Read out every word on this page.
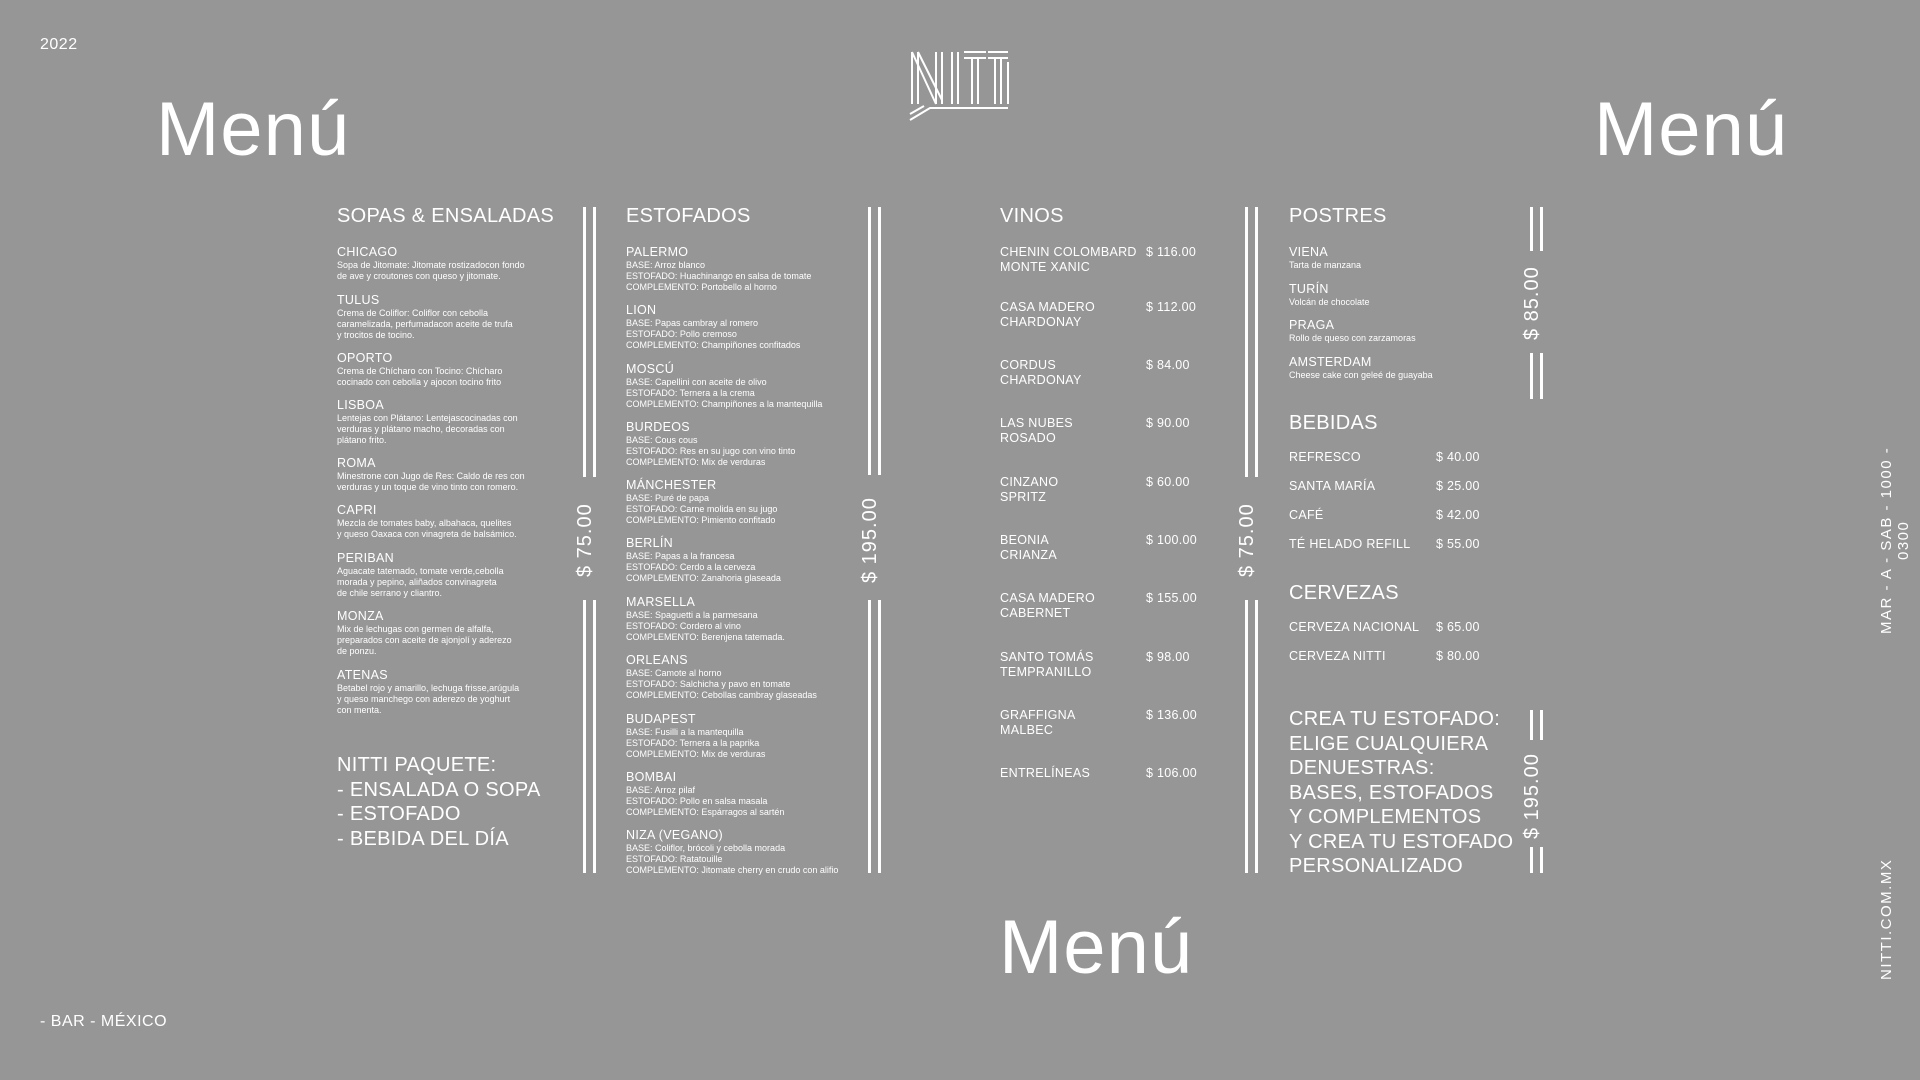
2022
Menú	Menú
Menú
- BAR - MÉXICO
MAR - A - SAB - 1000 - 0300
NITTI.COM.MX
SOPAS & ENSALADAS
CHICAGO
Sopa de Jitomate: Jitomate rostizadocon fondo
de ave y croutones con queso y jitomate.
TULUS
Crema de Coliflor: Coliflor con cebolla
caramelizada, perfumadacon aceite de trufa
y trocitos de tocino.
OPORTO
Crema de Chícharo con Tocino: Chícharo
cocinado con cebolla y ajocon tocino frito
LISBOA
Lentejas con Plátano: Lentejascocinadas con
verduras y plátano macho, decoradas con
plátano frito.
ROMA
Minestrone con Jugo de Res: Caldo de res con
verduras y un toque de vino tinto con romero.
CAPRI
Mezcla de tomates baby, albahaca, quelites
y queso Oaxaca con vinagreta de balsámico.
PERIBAN
Aguacate tatemado, tomate verde,cebolla
morada y pepino, aliñados convinagreta
de chile serrano y cliantro.
MONZA
Mix de lechugas con germen de alfalfa,
preparados con aceite de ajonjolí y aderezo
de ponzu.
ATENAS
Betabel rojo y amarillo, lechuga frisse,arúgula
y queso manchego con aderezo de yoghurt
con menta.
NITTI PAQUETE:
- ENSALADA O SOPA
- ESTOFADO
- BEBIDA DEL DÍA
$ 75.00
ESTOFADOS
PALERMO
BASE: Arroz blanco
ESTOFADO: Huachinango en salsa de tomate
COMPLEMENTO: Portobello al horno
LION
BASE: Papas cambray al romero
ESTOFADO: Pollo cremoso
COMPLEMENTO: Champiñones confitados
MOSCÚ
BASE: Capellini con aceite de olivo
ESTOFADO: Ternera a la crema
COMPLEMENTO: Champiñones a la mantequilla
BURDEOS
BASE: Cous cous
ESTOFADO: Res en su jugo con vino tinto
COMPLEMENTO: Mix de verduras
MÁNCHESTER
BASE: Puré de papa
ESTOFADO: Carne molida en su jugo
COMPLEMENTO: Pimiento confitado
BERLÍN
BASE: Papas a la francesa
ESTOFADO: Cerdo a la cerveza
COMPLEMENTO: Zanahoria glaseada
MARSELLA
BASE: Spaguetti a la parmesana
ESTOFADO: Cordero al vino
COMPLEMENTO: Berenjena tatemada.
ORLEANS
BASE: Camote al horno
ESTOFADO: Salchicha y pavo en tomate
COMPLEMENTO: Cebollas cambray glaseadas
BUDAPEST
BASE: Fusilli a la mantequilla
ESTOFADO: Ternera a la paprika
COMPLEMENTO: Mix de verduras
BOMBAI
BASE: Arroz pilaf
ESTOFADO: Pollo en salsa masala
COMPLEMENTO: Espárragos al sartén
NIZA (VEGANO)
BASE: Coliflor, brócoli y cebolla morada
ESTOFADO: Ratatouille
COMPLEMENTO: Jitomate cherry en crudo con alifio
$ 195.00
VINOS
CHENIN COLOMBARD
MONTE XANIC
$ 116.00
CASA MADERO
CHARDONAY
$ 112.00
CORDUS
CHARDONAY
$ 84.00
LAS NUBES
ROSADO
$ 90.00
CINZANO
SPRITZ
$ 60.00
BEONIA
CRIANZA
$ 100.00
CASA MADERO
CABERNET
$ 155.00
SANTO TOMÁS
TEMPRANILLO
$ 98.00
GRAFFIGNA
MALBEC
$ 136.00
ENTRELÍNEAS	$ 106.00
$ 75.00
POSTRES
VIENA
Tarta de manzana
TURÍN
Volcán de chocolate
PRAGA
Rollo de queso con zarzamoras
AMSTERDAM
Cheese cake con geleé de guayaba
BEBIDAS
REFRESCO	$ 40.00
SANTA MARÍA	$ 25.00
CAFÉ	$ 42.00
TÉ HELADO REFILL $ 55.00
CERVEZAS
CERVEZA NACIONAL $ 65.00
CERVEZA NITTI	$ 80.00
CREA TU ESTOFADO:
ELIGE CUALQUIERA
DENUESTRAS:
BASES, ESTOFADOS
Y COMPLEMENTOS
Y CREA TU ESTOFADO
PERSONALIZADO
$ 85.00
$ 195.00
